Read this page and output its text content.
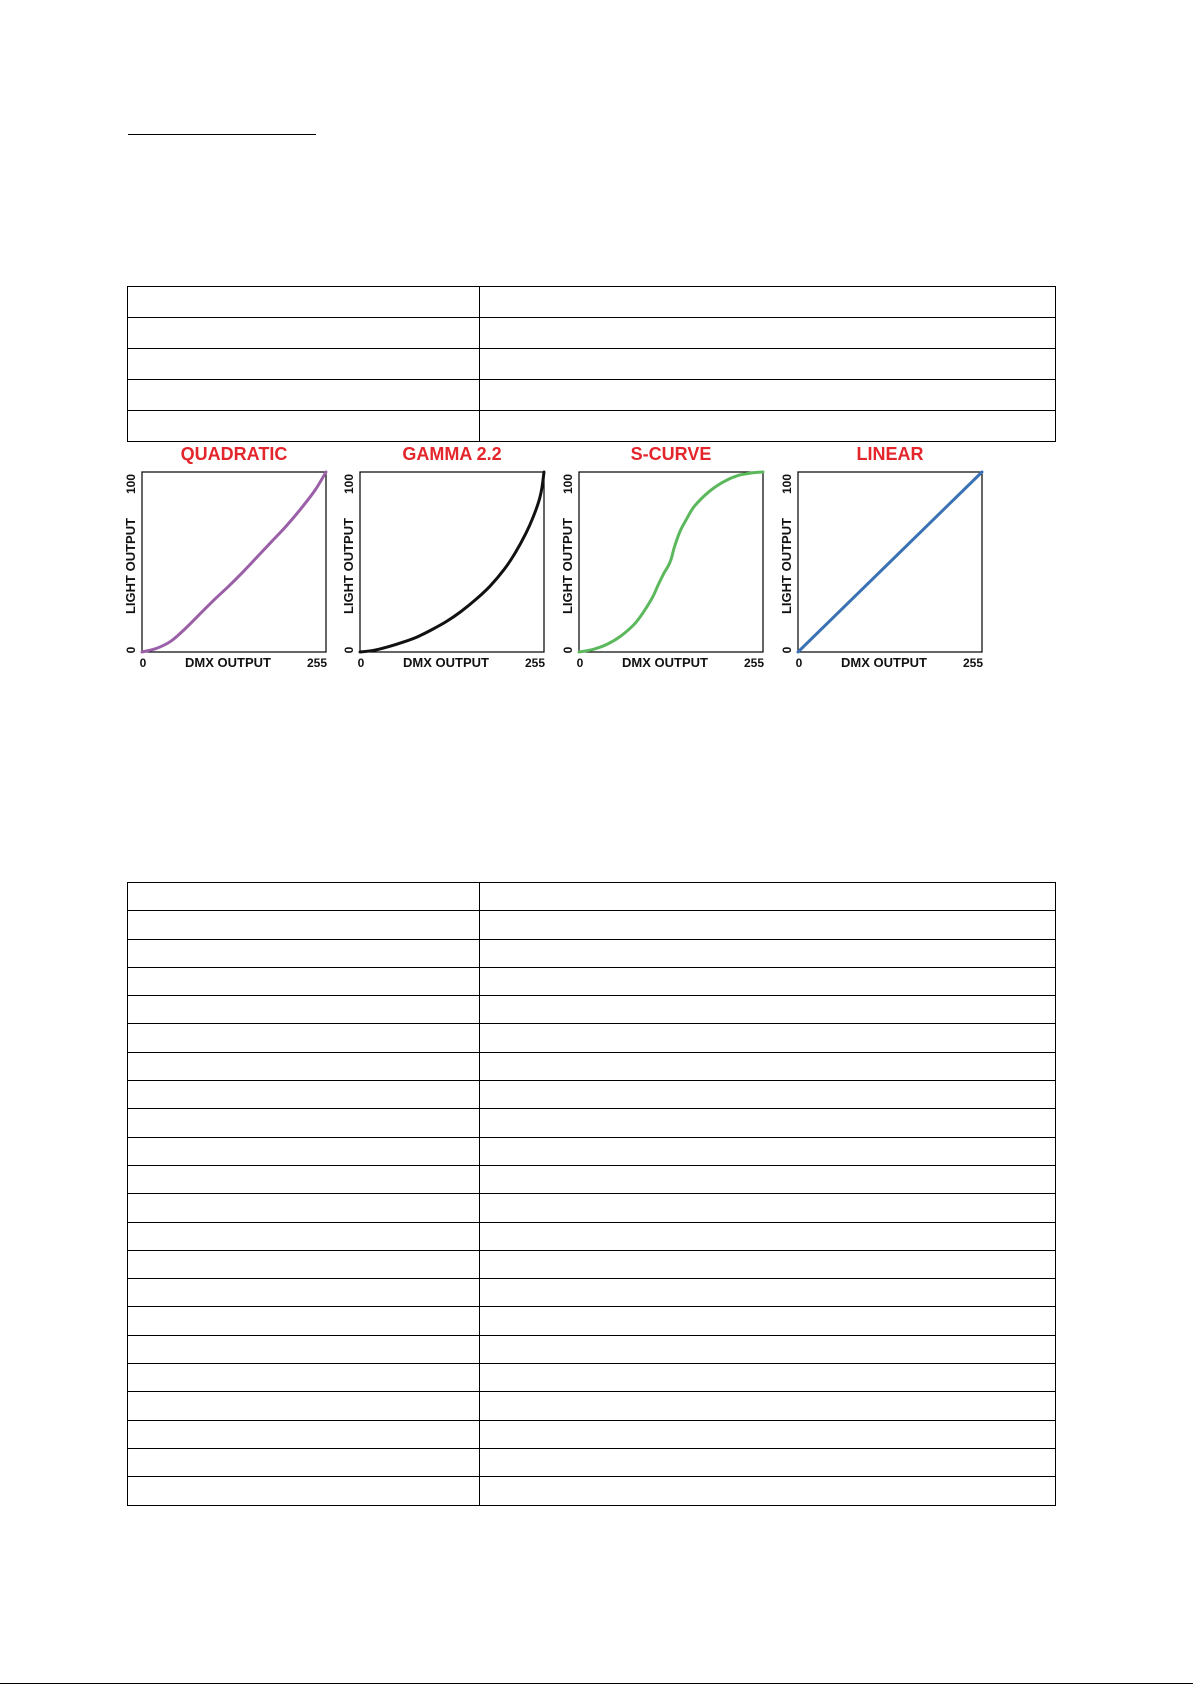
QUADRATIC
0	255
DMX OUTPUT
0
100
LIGHT OUTPUT
GAMMA 2.2
0	255
DMX OUTPUT
0
100
LIGHT OUTPUT
S-CURVE
0	255
DMX OUTPUT
0
100
LIGHT OUTPUT
LINEAR
0	255
DMX OUTPUT
0
100
LIGHT OUTPUT
